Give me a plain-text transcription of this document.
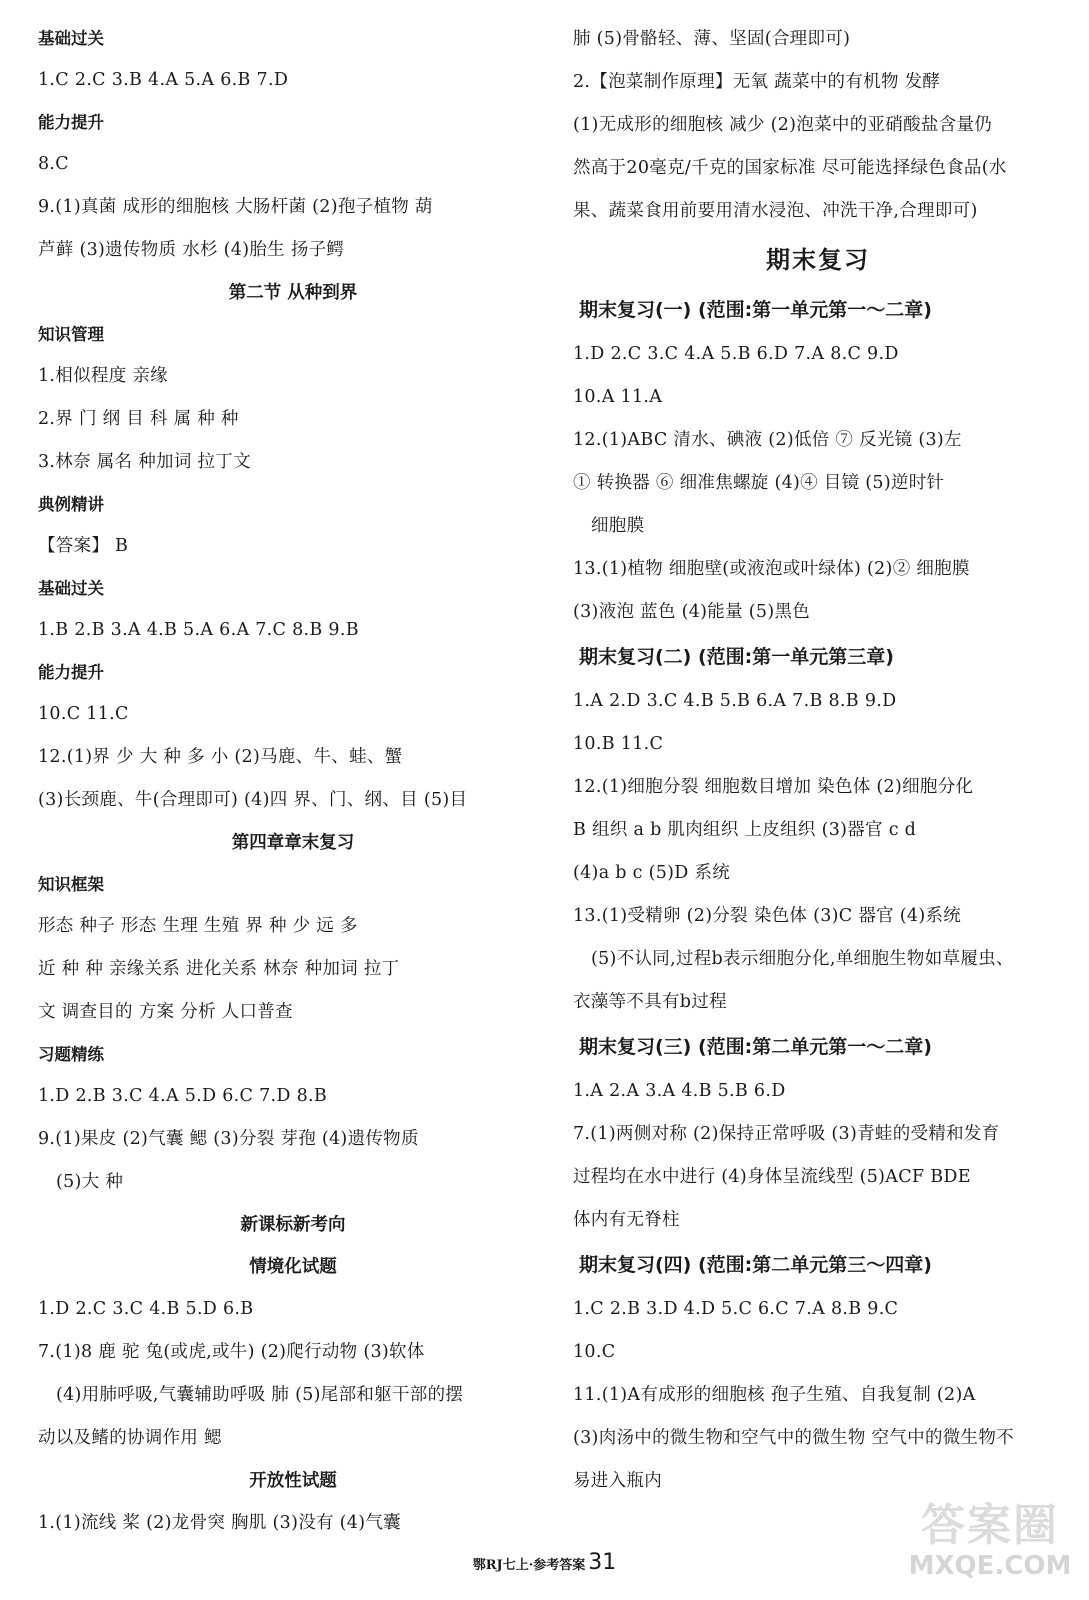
基础过关
1.C 2.C 3.B 4.A 5.A 6.B 7.D
能力提升
8.C
9.(1)真菌 成形的细胞核 大肠杆菌 (2)孢子植物 葫
芦藓 (3)遗传物质 水杉 (4)胎生 扬子鳄
第二节 从种到界
知识管理
1.相似程度 亲缘
2.界 门 纲 目 科 属 种 种
3.林奈 属名 种加词 拉丁文
典例精讲
【答案】 B
基础过关
1.B 2.B 3.A 4.B 5.A 6.A 7.C 8.B 9.B
能力提升
10.C 11.C
12.(1)界 少 大 种 多 小 (2)马鹿、牛、蛙、蟹
(3)长颈鹿、牛(合理即可) (4)四 界、门、纲、目 (5)目
第四章章末复习
知识框架
形态 种子 形态 生理 生殖 界 种 少 远 多
近 种 种 亲缘关系 进化关系 林奈 种加词 拉丁
文 调查目的 方案 分析 人口普查
习题精练
1.D 2.B 3.C 4.A 5.D 6.C 7.D 8.B
9.(1)果皮 (2)气囊 鳃 (3)分裂 芽孢 (4)遗传物质
(5)大 种
新课标新考向
情境化试题
1.D 2.C 3.C 4.B 5.D 6.B
7.(1)8 鹿 驼 兔(或虎,或牛) (2)爬行动物 (3)软体
(4)用肺呼吸,气囊辅助呼吸 肺 (5)尾部和躯干部的摆
动以及鳍的协调作用 鳃
开放性试题
1.(1)流线 桨 (2)龙骨突 胸肌 (3)没有 (4)气囊
肺 (5)骨骼轻、薄、坚固(合理即可)
2.【泡菜制作原理】无氧 蔬菜中的有机物 发酵
(1)无成形的细胞核 减少 (2)泡菜中的亚硝酸盐含量仍
然高于20毫克/千克的国家标准 尽可能选择绿色食品(水
果、蔬菜食用前要用清水浸泡、冲洗干净,合理即可)
期末复习
期末复习(一) (范围:第一单元第一～二章)
1.D 2.C 3.C 4.A 5.B 6.D 7.A 8.C 9.D
10.A 11.A
12.(1)ABC 清水、碘液 (2)低倍 ⑦ 反光镜 (3)左
① 转换器 ⑥ 细准焦螺旋 (4)④ 目镜 (5)逆时针
细胞膜
13.(1)植物 细胞壁(或液泡或叶绿体) (2)② 细胞膜
(3)液泡 蓝色 (4)能量 (5)黑色
期末复习(二) (范围:第一单元第三章)
1.A 2.D 3.C 4.B 5.B 6.A 7.B 8.B 9.D
10.B 11.C
12.(1)细胞分裂 细胞数目增加 染色体 (2)细胞分化
B 组织 a b 肌肉组织 上皮组织 (3)器官 c d
(4)a b c (5)D 系统
13.(1)受精卵 (2)分裂 染色体 (3)C 器官 (4)系统
(5)不认同,过程b表示细胞分化,单细胞生物如草履虫、
衣藻等不具有b过程
期末复习(三) (范围:第二单元第一～二章)
1.A 2.A 3.A 4.B 5.B 6.D
7.(1)两侧对称 (2)保持正常呼吸 (3)青蛙的受精和发育
过程均在水中进行 (4)身体呈流线型 (5)ACF BDE
体内有无脊柱
期末复习(四) (范围:第二单元第三～四章)
1.C 2.B 3.D 4.D 5.C 6.C 7.A 8.B 9.C
10.C
11.(1)A有成形的细胞核 孢子生殖、自我复制 (2)A
(3)肉汤中的微生物和空气中的微生物 空气中的微生物不
易进入瓶内
鄂RJ七上·参考答案 31
答案圈
MXQE.COM
